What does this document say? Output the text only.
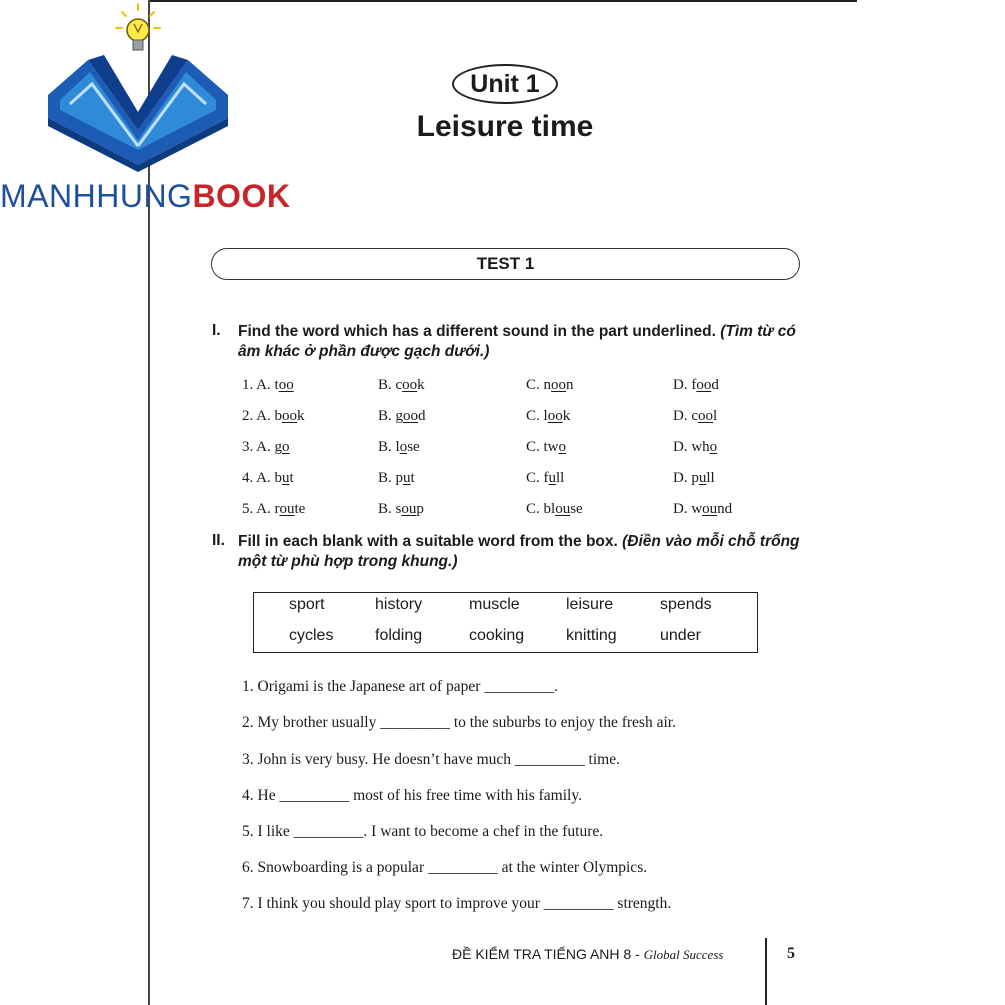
MANHHUNGBOOK
Unit 1
Leisure time
TEST 1
I. Find the word which has a different sound in the part underlined. (Tìm từ có âm khác ở phần được gạch dưới.)
1. A. too	B. cook	C. noon	D. food
2. A. book	B. good	C. look	D. cool
3. A. go	B. lose	C. two	D. who
4. A. but	B. put	C. full	D. pull
5. A. route	B. soup	C. blouse	D. wound
II. Fill in each blank with a suitable word from the box. (Điền vào mỗi chỗ trống một từ phù hợp trong khung.)
sport	history	muscle	leisure	spends
cycles	folding	cooking	knitting	under
1. Origami is the Japanese art of paper _________.
2. My brother usually _________ to the suburbs to enjoy the fresh air.
3. John is very busy. He doesn’t have much _________ time.
4. He _________ most of his free time with his family.
5. I like _________. I want to become a chef in the future.
6. Snowboarding is a popular _________ at the winter Olympics.
7. I think you should play sport to improve your _________ strength.
ĐỀ KIỂM TRA TIẾNG ANH 8 - Global Success	5
